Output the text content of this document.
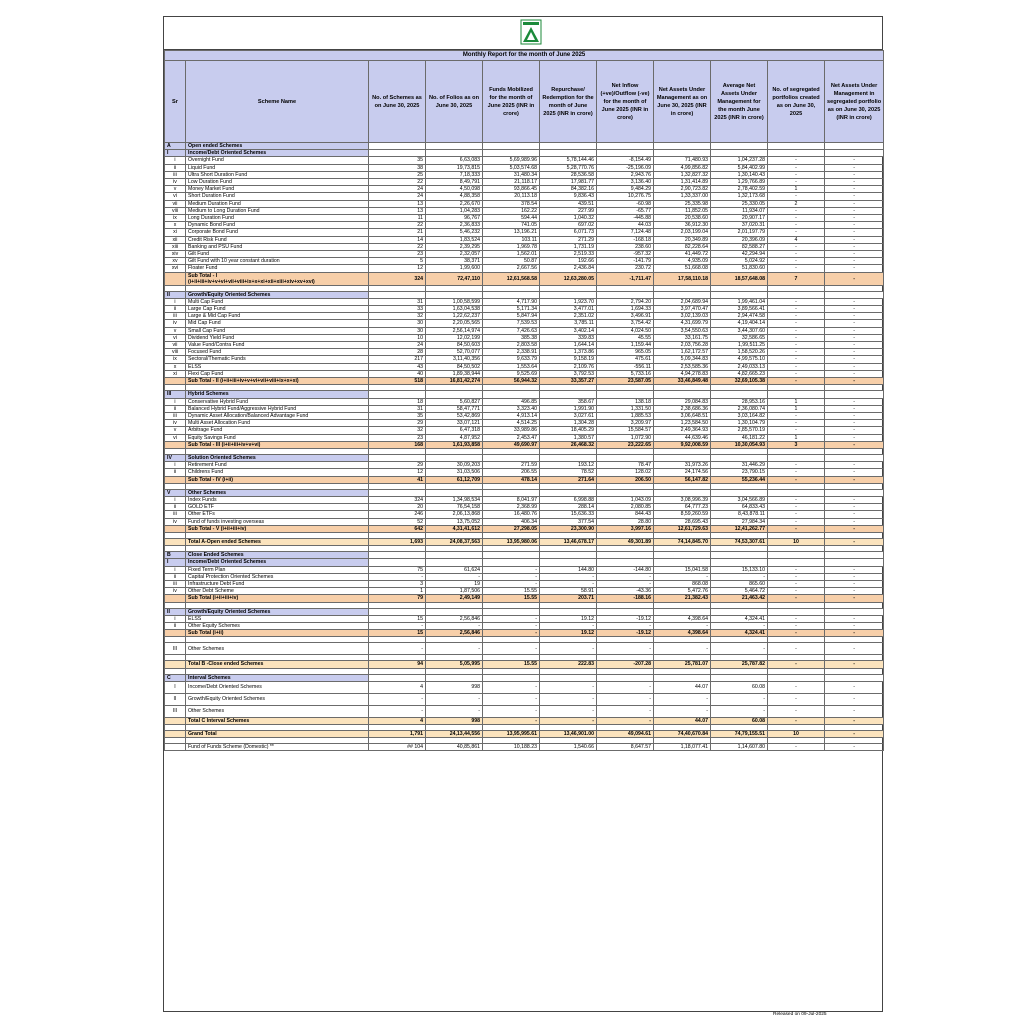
Monthly Report for the month of June 2025										
Sr	Scheme Name	No. of Schemes as on June 30, 2025	No. of Folios as on June 30, 2025	Funds Mobilized for the month of June 2025 (INR in crore)	Repurchase/ Redemption for the month of June 2025 (INR in crore)	Net Inflow (+ve)/Outflow (-ve) for the month of June 2025 (INR in crore)	Net Assets Under Management as on June 30, 2025 (INR in crore)	Average Net Assets Under Management for the month June 2025 (INR in crore)	No. of segregated portfolios created as on June 30, 2025	Net Assets Under Management in segregated portfolio as on June 30, 2025 (INR in crore)
A	Open ended Schemes									
I	Income/Debt Oriented Schemes									
i	Overnight Fund	35	6,63,083	5,69,989.96	5,78,144.46	-8,154.49	71,480.93	1,04,237.28	-	-
ii	Liquid Fund	38	19,73,815	5,03,574.68	5,28,770.76	-25,196.09	4,99,856.82	5,84,402.99	-	-
iii	Ultra Short Duration Fund	25	7,18,333	31,480.34	28,536.58	2,943.76	1,32,827.32	1,30,140.43	-	-
iv	Low Duration Fund	22	8,49,791	21,118.17	17,981.77	3,136.40	1,31,414.89	1,29,766.89	-	-
v	Money Market Fund	24	4,50,098	93,866.45	84,382.16	9,484.29	2,90,723.82	2,78,402.59	1	-
vi	Short Duration Fund	24	4,88,358	20,113.18	9,836.43	10,276.75	1,33,337.00	1,32,173.68	-	-
vii	Medium Duration Fund	13	2,26,670	378.54	439.51	-60.98	25,335.98	25,330.05	2	-
viii	Medium to Long Duration Fund	13	1,04,283	162.22	227.99	-65.77	11,852.05	11,934.07	-	-
ix	Long Duration Fund	11	96,767	594.44	1,040.32	-445.88	20,538.60	20,907.17	-	-
x	Dynamic Bond Fund	22	2,36,833	741.05	697.02	44.03	36,912.30	37,020.31	-	-
xi	Corporate Bond Fund	21	5,46,232	13,196.21	6,071.73	7,124.48	2,03,199.04	2,01,197.79	-	-
xii	Credit Risk Fund	14	1,83,524	103.11	271.29	-168.18	20,349.89	20,396.09	4	-
xiii	Banking and PSU Fund	22	2,39,295	1,969.78	1,731.19	238.60	82,228.64	82,588.27	-	-
xiv	Gilt Fund	23	2,32,057	1,562.01	2,519.33	-957.32	41,449.72	42,294.94	-	-
xv	Gilt Fund with 10 year constant duration	5	38,371	50.87	192.66	-141.79	4,935.09	5,024.92	-	-
xvi	Floater Fund	12	1,99,600	2,667.56	2,436.84	230.72	51,668.08	51,830.60	-	-
	Sub Total - I
(i+ii+iii+iv+v+vi+vii+viii+ix+x+xi+xii+xiii+xiv+xv+xvi)	324	72,47,110	12,61,568.58	12,63,280.05	-1,711.47	17,58,110.18	18,57,648.08	7	-

II	Growth/Equity Oriented Schemes									
i	Multi Cap Fund	31	1,00,58,599	4,717.90	1,923.70	2,794.20	2,04,689.94	1,99,461.04	-	-
ii	Large Cap Fund	33	1,63,04,538	5,171.34	3,477.01	1,694.33	3,97,470.47	3,89,566.41	-	-
iii	Large & Mid Cap Fund	32	1,22,62,237	5,847.94	2,351.02	3,496.91	3,02,139.03	2,94,474.58	-	-
iv	Mid Cap Fund	30	2,20,05,565	7,539.53	3,785.11	3,754.42	4,31,699.79	4,19,404.14	-	-
v	Small Cap Fund	30	2,56,14,974	7,426.63	3,402.14	4,024.50	3,54,550.63	3,44,307.60	-	-
vi	Dividend Yield Fund	10	12,02,199	385.38	339.83	45.55	33,161.75	32,586.65	-	-
vii	Value Fund/Contra Fund	24	84,50,603	2,803.58	1,644.14	1,159.44	2,03,756.28	1,99,511.25	-	-
viii	Focused Fund	28	52,70,077	2,338.91	1,373.86	965.05	1,62,172.57	1,58,520.26	-	-
ix	Sectoral/Thematic Funds	217	3,11,40,356	9,633.79	9,158.19	475.61	5,09,344.83	4,99,575.10	-	-
x	ELSS	43	84,50,502	1,553.64	2,109.76	-556.11	2,53,585.36	2,49,033.13	-	-
xi	Flexi Cap Fund	40	1,89,38,944	9,525.69	3,792.53	5,733.16	4,94,278.83	4,82,665.23	-	-
	Sub Total - II (i+ii+iii+iv+v+vi+vii+viii+ix+x+xi)	518	16,81,42,274	56,944.32	33,357.27	23,587.05	33,46,849.48	32,69,105.38	-	-

III	Hybrid Schemes									
i	Conservative Hybrid Fund	18	5,60,827	496.85	358.67	138.18	29,084.83	28,953.16	1	-
ii	Balanced Hybrid Fund/Aggressive Hybrid Fund	31	58,47,771	3,323.40	1,991.90	1,331.50	2,38,686.36	2,36,080.74	1	-
iii	Dynamic Asset Allocation/Balanced Advantage Fund	35	53,42,869	4,913.14	3,027.61	1,885.53	3,06,648.51	3,03,164.82	-	-
iv	Multi Asset Allocation Fund	29	33,07,121	4,514.25	1,304.28	3,209.97	1,23,584.50	1,30,104.79	-	-
v	Arbitrage Fund	32	6,47,318	33,989.86	18,405.29	15,584.57	2,49,364.93	2,85,570.19	-	-
vi	Equity Savings Fund	23	4,87,952	2,453.47	1,380.57	1,072.90	44,639.46	46,181.22	1	-
	Sub Total - III (i+ii+iii+iv+v+vi)	168	1,61,93,858	49,690.97	26,468.32	23,222.65	9,92,008.59	10,30,054.93	3	-

IV	Solution Oriented Schemes									
i	Retirement Fund	29	30,09,203	271.59	193.12	78.47	31,973.26	31,446.29	-	-
ii	Childrens Fund	12	31,03,506	206.55	78.52	128.02	24,174.56	23,790.15	-	-
	Sub Total - IV (i+ii)	41	61,12,709	478.14	271.64	206.50	56,147.82	55,236.44	-	-

V	Other Schemes									
i	Index Funds	324	1,34,98,534	8,041.97	6,998.88	1,043.09	3,08,996.39	3,04,566.89	-	-
ii	GOLD ETF	20	76,54,158	2,368.99	288.14	2,080.85	64,777.23	64,833.43	-	-
iii	Other ETFs	246	2,06,13,868	16,480.76	15,636.33	844.43	8,59,260.59	8,43,878.11	-	-
iv	Fund of funds investing overseas	52	13,75,052	406.34	377.54	28.80	28,695.43	27,984.34	-	-
	Sub Total - V (i+ii+iii+iv)	642	4,31,41,612	27,298.05	23,300.90	3,997.16	12,61,729.63	12,41,262.77	-	-

	Total A-Open ended Schemes	1,693	24,08,37,563	13,95,980.06	13,46,678.17	49,301.89	74,14,845.70	74,53,307.61	10	-

B	Close Ended Schemes									
I	Income/Debt Oriented Schemes									
i	Fixed Term Plan	75	61,624	-	144.80	-144.80	15,041.58	15,133.10	-	-
ii	Capital Protection Oriented Schemes	-	-	-	-	-	-	-	-	-
iii	Infrastructure Debt Fund	3	19	-	-	-	868.08	865.60	-	-
iv	Other Debt Scheme	1	1,87,506	15.55	58.91	-43.36	5,472.76	5,464.72	-	-
	Sub Total (i+ii+iii+iv)	79	2,49,149	15.55	203.71	-188.16	21,382.43	21,463.42	-	-

II	Growth/Equity Oriented Schemes									
i	ELSS	15	2,56,846	-	19.12	-19.12	4,398.64	4,324.41	-	-
ii	Other Equity Schemes	-	-	-	-	-	-	-	-	-
	Sub Total (i+ii)	15	2,56,846	-	19.12	-19.12	4,398.64	4,324.41	-	-

III	Other Schemes	-	-	-	-	-	-	-	-	-

	Total B -Close ended Schemes	94	5,05,995	15.55	222.83	-207.28	25,781.07	25,787.82	-	-

C	Interval Schemes									
I	Income/Debt Oriented Schemes	4	998	-	-	-	44.07	60.08	-	-
II	Growth/Equity Oriented Schemes	-	-	-	-	-	-	-	-	-
III	Other Schemes	-	-	-	-	-	-	-	-	-
	Total C Interval Schemes	4	998	-	-	-	44.07	60.08	-	-

	Grand Total	1,791	24,13,44,556	13,95,995.61	13,46,901.00	49,094.61	74,40,670.84	74,79,155.51	10	-

	Fund of Funds Scheme (Domestic) **	## 104	40,85,861	10,188.23	1,540.66	8,647.57	1,18,077.41	1,14,607.80	-	-
Released on 09-Jul-2025
